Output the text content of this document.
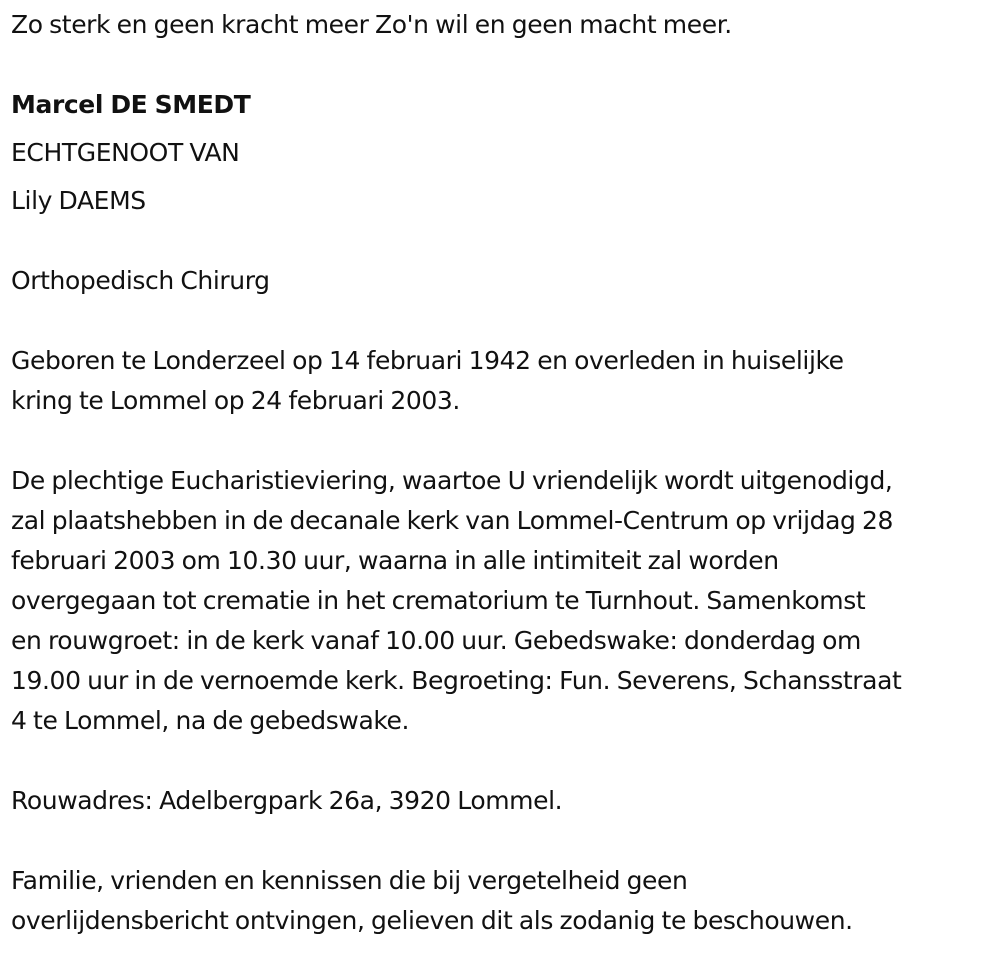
Zo sterk en geen kracht meer Zo'n wil en geen macht meer.
Marcel DE SMEDT
ECHTGENOOT VAN
Lily DAEMS
Orthopedisch Chirurg
Geboren te Londerzeel op 14 februari 1942 en overleden in huiselijke
kring te Lommel op 24 februari 2003.
De plechtige Eucharistieviering, waartoe U vriendelijk wordt uitgenodigd,
zal plaatshebben in de decanale kerk van Lommel-Centrum op vrijdag 28
februari 2003 om 10.30 uur, waarna in alle intimiteit zal worden
overgegaan tot crematie in het crematorium te Turnhout. Samenkomst
en rouwgroet: in de kerk vanaf 10.00 uur. Gebedswake: donderdag om
19.00 uur in de vernoemde kerk. Begroeting: Fun. Severens, Schansstraat
4 te Lommel, na de gebedswake.
Rouwadres: Adelbergpark 26a, 3920 Lommel.
Familie, vrienden en kennissen die bij vergetelheid geen
overlijdensbericht ontvingen, gelieven dit als zodanig te beschouwen.
